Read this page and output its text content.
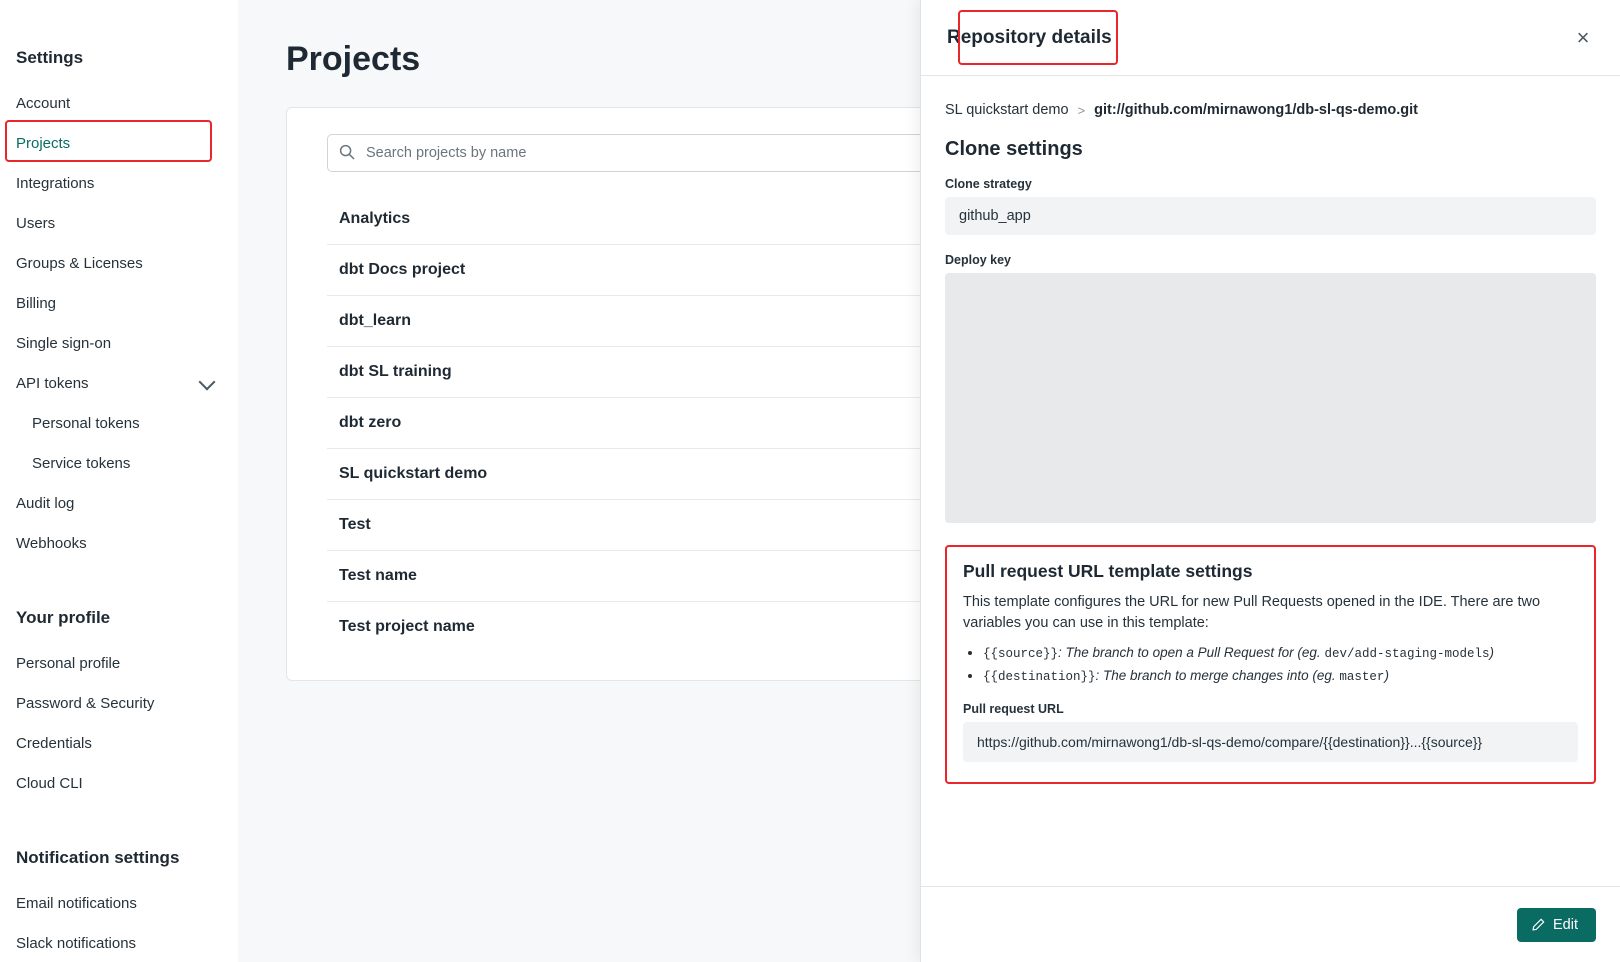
Settings
Account
Projects
Integrations
Users
Groups & Licenses
Billing
Single sign-on
API tokens
Personal tokens
Service tokens
Audit log
Webhooks
Your profile
Personal profile
Password & Security
Credentials
Cloud CLI
Notification settings
Email notifications
Slack notifications
Projects
Search projects by name
Analytics
dbt Docs project
dbt_learn
dbt SL training
dbt zero
SL quickstart demo
Test
Test name
Test project name
Repository details	×
SL quickstart demo > git://github.com/mirnawong1/db-sl-qs-demo.git
Clone settings
Clone strategy
github_app
Deploy key
Pull request URL template settings
This template configures the URL for new Pull Requests opened in the IDE. There are two variables you can use in this template:
• {{source}}: The branch to open a Pull Request for (eg. dev/add-staging-models)
• {{destination}}: The branch to merge changes into (eg. master)
Pull request URL
https://github.com/mirnawong1/db-sl-qs-demo/compare/{{destination}}...{{source}}
Edit
